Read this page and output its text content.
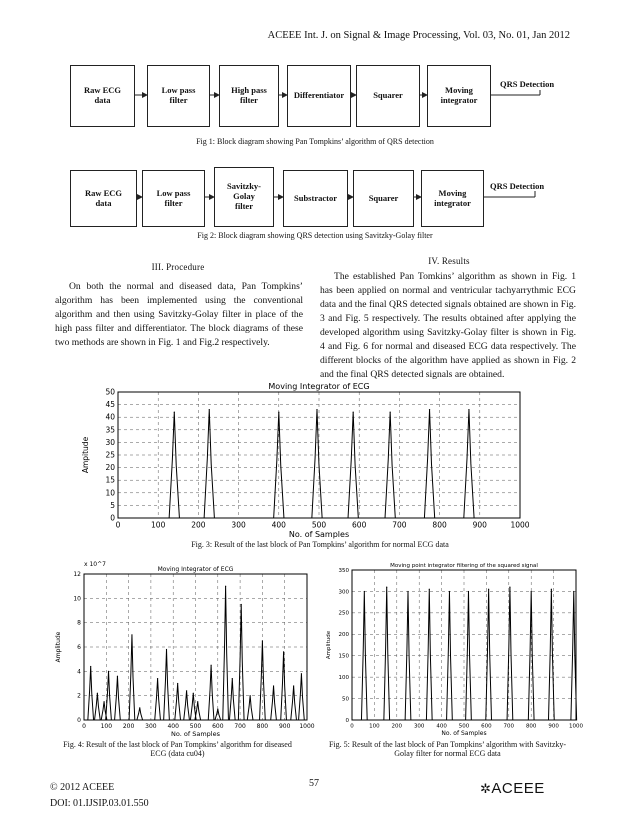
ACEEE Int. J. on Signal & Image Processing, Vol. 03, No. 01, Jan 2012
Raw ECG
data
Low pass
filter
High pass
filter	Differentiator	Squarer	Moving
integrator
QRS Detection
Fig 1: Block diagram showing Pan Tompkins’ algorithm of QRS detection
Raw ECG
data
Low pass
filter
Savitzky-
Golay
filter
Substractor	Squarer	Moving
integrator
QRS Detection
Fig 2: Block diagram showing QRS detection using Savitzky-Golay filter
III. Procedure

On both the normal and diseased data, Pan Tompkins’ algorithm has been implemented using the conventional algorithm and then using Savitzky-Golay filter in place of the high pass filter and differentiator. The block diagrams of these two methods are shown in Fig. 1 and Fig.2 respectively.

IV. Results

The established Pan Tomkins’ algorithm as shown in Fig. 1 has been applied on normal and ventricular tachyarrythmic ECG data and the final QRS detected signals obtained are shown in Fig. 3 and Fig. 5 respectively. The results obtained after applying the developed algorithm using Savitzky-Golay filter is shown in Fig. 4 and Fig. 6 for normal and diseased ECG data respectively. The different blocks of the algorithm have applied as shown in Fig. 2 and the final QRS detected signals are obtained.

Moving Integrator of ECG
0	100	200	300	400	500	600	700	800	900	1000
0
5
10
15
20
25
30
35
40
45
50
No. of Samples
Ampitude
Fig. 3: Result of the last block of Pan Tompkins’ algorithm for normal ECG data
Moving Integrator of ECG
0 100 200 300 400 500 600 700 800 900 1000
0
2
4
6
8
10
12
No. of Samples
Amplitude
x 10^7
Fig. 4: Result of the last block of Pan Tompkins’ algorithm for diseased ECG (data cu04)
Moving point integrator filtering of the squared signal
0	100 200 300 400 500 600 700 800 900 1000
0
50
100
150
200
250
300
350
No. of Samples
Amplitude
Fig. 5: Result of the last block of Pan Tompkins’ algorithm with Savitzky-Golay filter for normal ECG data
© 2012 ACEEE
DOI: 01.IJSIP.03.01.550
57	✲ACEEE
